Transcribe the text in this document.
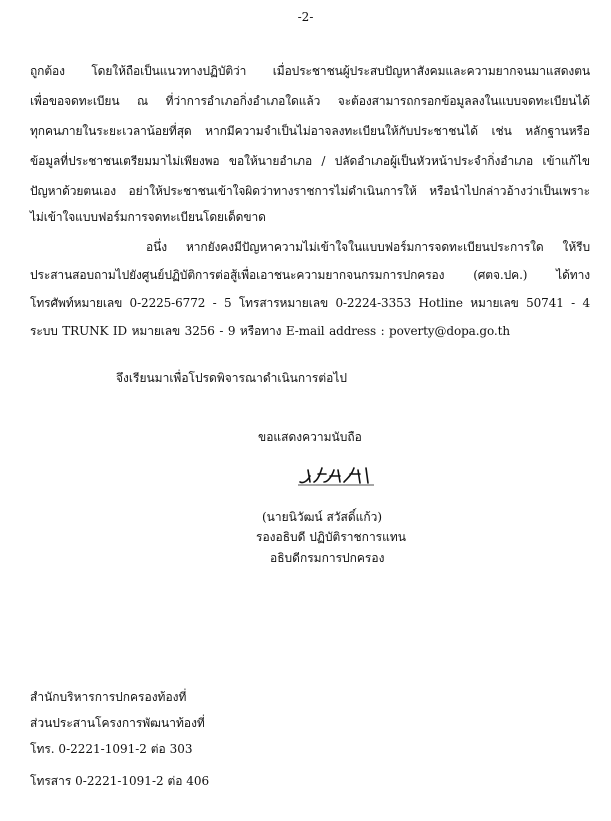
-2-
ถูกต้อง โดยให้ถือเป็นแนวทางปฏิบัติว่า เมื่อประชาชนผู้ประสบปัญหาสังคมและความยากจนมาแสดงตน
เพื่อขอจดทะเบียน ณ ที่ว่าการอำเภอกิ่งอำเภอใดแล้ว จะต้องสามารถกรอกข้อมูลลงในแบบจดทะเบียนได้
ทุกคนภายในระยะเวลาน้อยที่สุด หากมีความจำเป็นไม่อาจลงทะเบียนให้กับประชาชนได้ เช่น หลักฐานหรือ
ข้อมูลที่ประชาชนเตรียมมาไม่เพียงพอ ขอให้นายอำเภอ / ปลัดอำเภอผู้เป็นหัวหน้าประจำกิ่งอำเภอ เข้าแก้ไข
ปัญหาด้วยตนเอง อย่าให้ประชาชนเข้าใจผิดว่าทางราชการไม่ดำเนินการให้ หรือนำไปกล่าวอ้างว่าเป็นเพราะ
ไม่เข้าใจแบบฟอร์มการจดทะเบียนโดยเด็ดขาด
อนึ่ง หากยังคงมีปัญหาความไม่เข้าใจในแบบฟอร์มการจดทะเบียนประการใด ให้รีบ
ประสานสอบถามไปยังศูนย์ปฏิบัติการต่อสู้เพื่อเอาชนะความยากจนกรมการปกครอง (ศตจ.ปค.) ได้ทาง
โทรศัพท์หมายเลข 0-2225-6772 - 5 โทรสารหมายเลข 0-2224-3353 Hotline หมายเลข 50741 - 4
ระบบ TRUNK ID หมายเลข 3256 - 9 หรือทาง E-mail address : poverty@dopa.go.th
จึงเรียนมาเพื่อโปรดพิจารณาดำเนินการต่อไป
ขอแสดงความนับถือ
(นายนิวัฒน์ สวัสดิ์แก้ว)
รองอธิบดี ปฏิบัติราชการแทน
อธิบดีกรมการปกครอง
สำนักบริหารการปกครองท้องที่
ส่วนประสานโครงการพัฒนาท้องที่
โทร. 0-2221-1091-2 ต่อ 303
โทรสาร 0-2221-1091-2 ต่อ 406
